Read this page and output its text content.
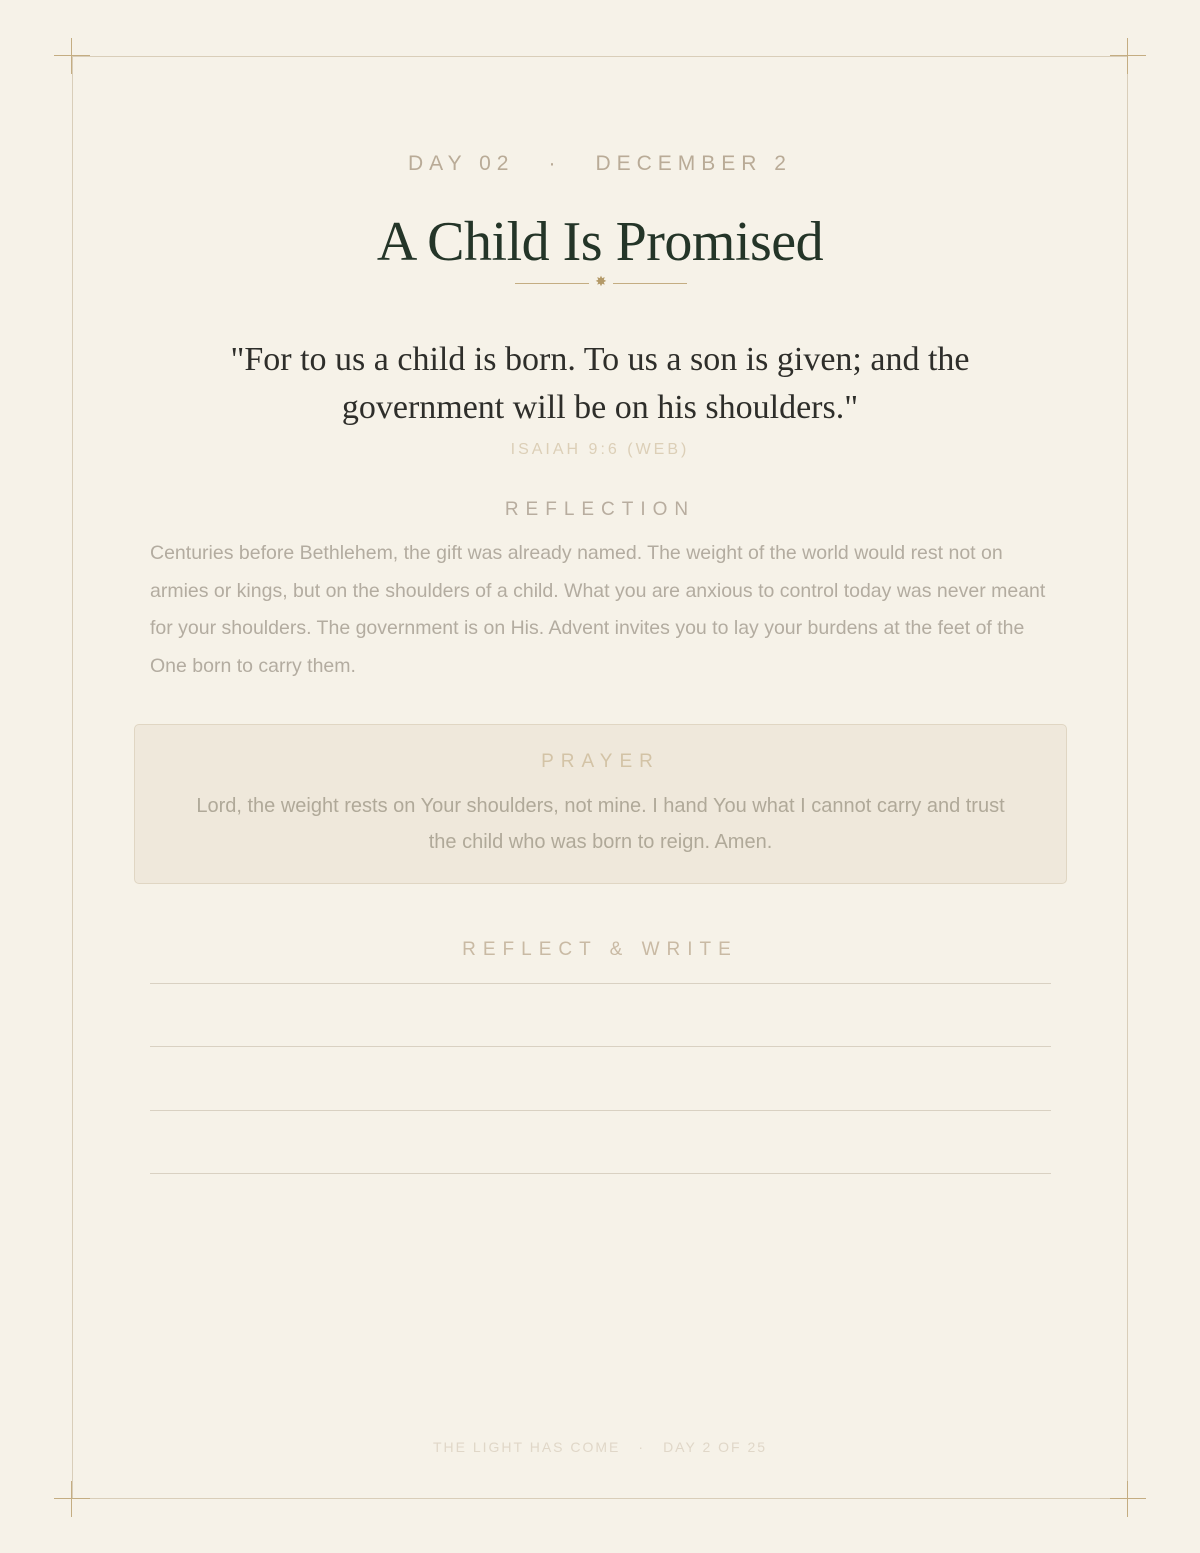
DAY 02 · DECEMBER 2
A Child Is Promised
✸
"For to us a child is born. To us a son is given; and the government will be on his shoulders."
ISAIAH 9:6 (WEB)
REFLECTION
Centuries before Bethlehem, the gift was already named. The weight of the world would rest not on armies or kings, but on the shoulders of a child. What you are anxious to control today was never meant for your shoulders. The government is on His. Advent invites you to lay your burdens at the feet of the One born to carry them.
PRAYER
Lord, the weight rests on Your shoulders, not mine. I hand You what I cannot carry and trust the child who was born to reign. Amen.
REFLECT & WRITE
THE LIGHT HAS COME · DAY 2 OF 25
